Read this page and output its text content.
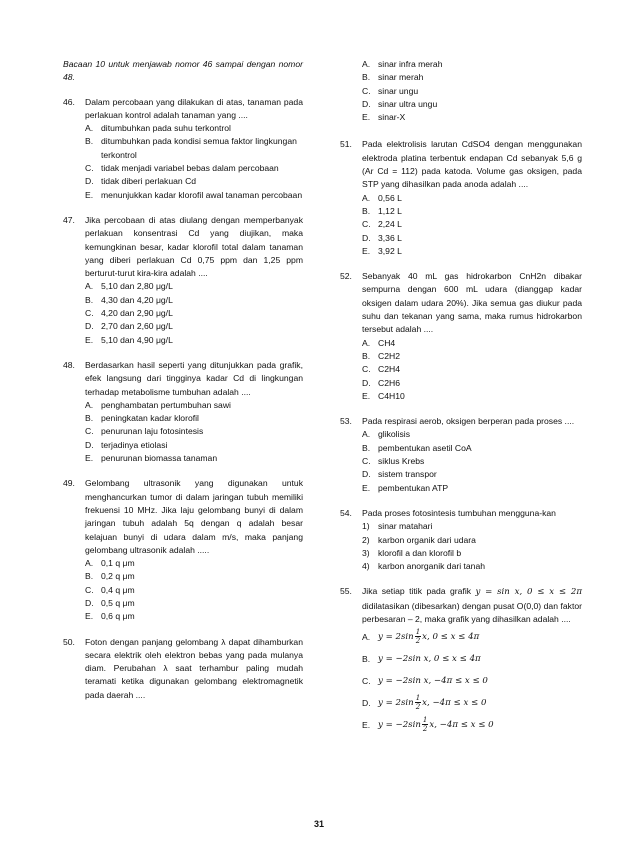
Bacaan 10 untuk menjawab nomor 46 sampai dengan nomor 48.

46. Dalam percobaan yang dilakukan di atas, tanaman pada perlakuan kontrol adalah tanaman yang ....
A. ditumbuhkan pada suhu terkontrol
B. ditumbuhkan pada kondisi semua faktor lingkungan terkontrol
C. tidak menjadi variabel bebas dalam percobaan
D. tidak diberi perlakuan Cd
E. menunjukkan kadar klorofil awal tanaman percobaan
47. Jika percobaan di atas diulang dengan memperbanyak perlakuan konsentrasi Cd yang diujikan, maka kemungkinan besar, kadar klorofil total dalam tanaman yang diberi perlakuan Cd 0,75 ppm dan 1,25 ppm berturut-turut kira-kira adalah ....
A. 5,10 dan 2,80 μg/L
B. 4,30 dan 4,20 μg/L
C. 4,20 dan 2,90 μg/L
D. 2,70 dan 2,60 μg/L
E. 5,10 dan 4,90 μg/L
48. Berdasarkan hasil seperti yang ditunjukkan pada grafik, efek langsung dari tingginya kadar Cd di lingkungan terhadap metabolisme tumbuhan adalah ....
A. penghambatan pertumbuhan sawi
B. peningkatan kadar klorofil
C. penurunan laju fotosintesis
D. terjadinya etiolasi
E. penurunan biomassa tanaman
49. Gelombang ultrasonik yang digunakan untuk menghancurkan tumor di dalam jaringan tubuh memiliki frekuensi 10 MHz. Jika laju gelombang bunyi di dalam jaringan tubuh adalah 5q dengan q adalah besar kelajuan bunyi di udara dalam m/s, maka panjang gelombang ultrasonik adalah .....
A. 0,1 q μm
B. 0,2 q μm
C. 0,4 q μm
D. 0,5 q μm
E. 0,6 q μm
50. Foton dengan panjang gelombang λ dapat dihamburkan secara elektrik oleh elektron bebas yang pada mulanya diam. Perubahan λ saat terhambur paling mudah teramati ketika digunakan gelombang elektromagnetik pada daerah ....
A. sinar infra merah
B. sinar merah
C. sinar ungu
D. sinar ultra ungu
E. sinar-X
51. Pada elektrolisis larutan CdSO4 dengan menggunakan elektroda platina terbentuk endapan Cd sebanyak 5,6 g (Ar Cd = 112) pada katoda. Volume gas oksigen, pada STP yang dihasilkan pada anoda adalah ....
A. 0,56 L
B. 1,12 L
C. 2,24 L
D. 3,36 L
E. 3,92 L
52. Sebanyak 40 mL gas hidrokarbon CnH2n dibakar sempurna dengan 600 mL udara (dianggap kadar oksigen dalam udara 20%). Jika semua gas diukur pada suhu dan tekanan yang sama, maka rumus hidrokarbon tersebut adalah ....
A. CH4
B. C2H2
C. C2H4
D. C2H6
E. C4H10
53. Pada respirasi aerob, oksigen berperan pada proses ....
A. glikolisis
B. pembentukan asetil CoA
C. siklus Krebs
D. sistem transpor
E. pembentukan ATP
54. Pada proses fotosintesis tumbuhan mengguna-kan
1) sinar matahari
2) karbon organik dari udara
3) klorofil a dan klorofil b
4) karbon anorganik dari tanah
55. Jika setiap titik pada grafik y = sin x, 0 ≤ x ≤ 2π didilatasikan (dibesarkan) dengan pusat O(0,0) dan faktor perbesaran – 2, maka grafik yang dihasilkan adalah ....
A. $y = 2\sin \frac{1}{2} x$, 0 ≤ x ≤ 4π
B. y = −2sin x, 0 ≤ x ≤ 4π
C. y = −2sin x, −4π ≤ x ≤ 0
D. $y = 2\sin \frac{1}{2} x$, −4π ≤ x ≤ 0
E. $y = -2\sin \frac{1}{2} x$, −4π ≤ x ≤ 0
31
